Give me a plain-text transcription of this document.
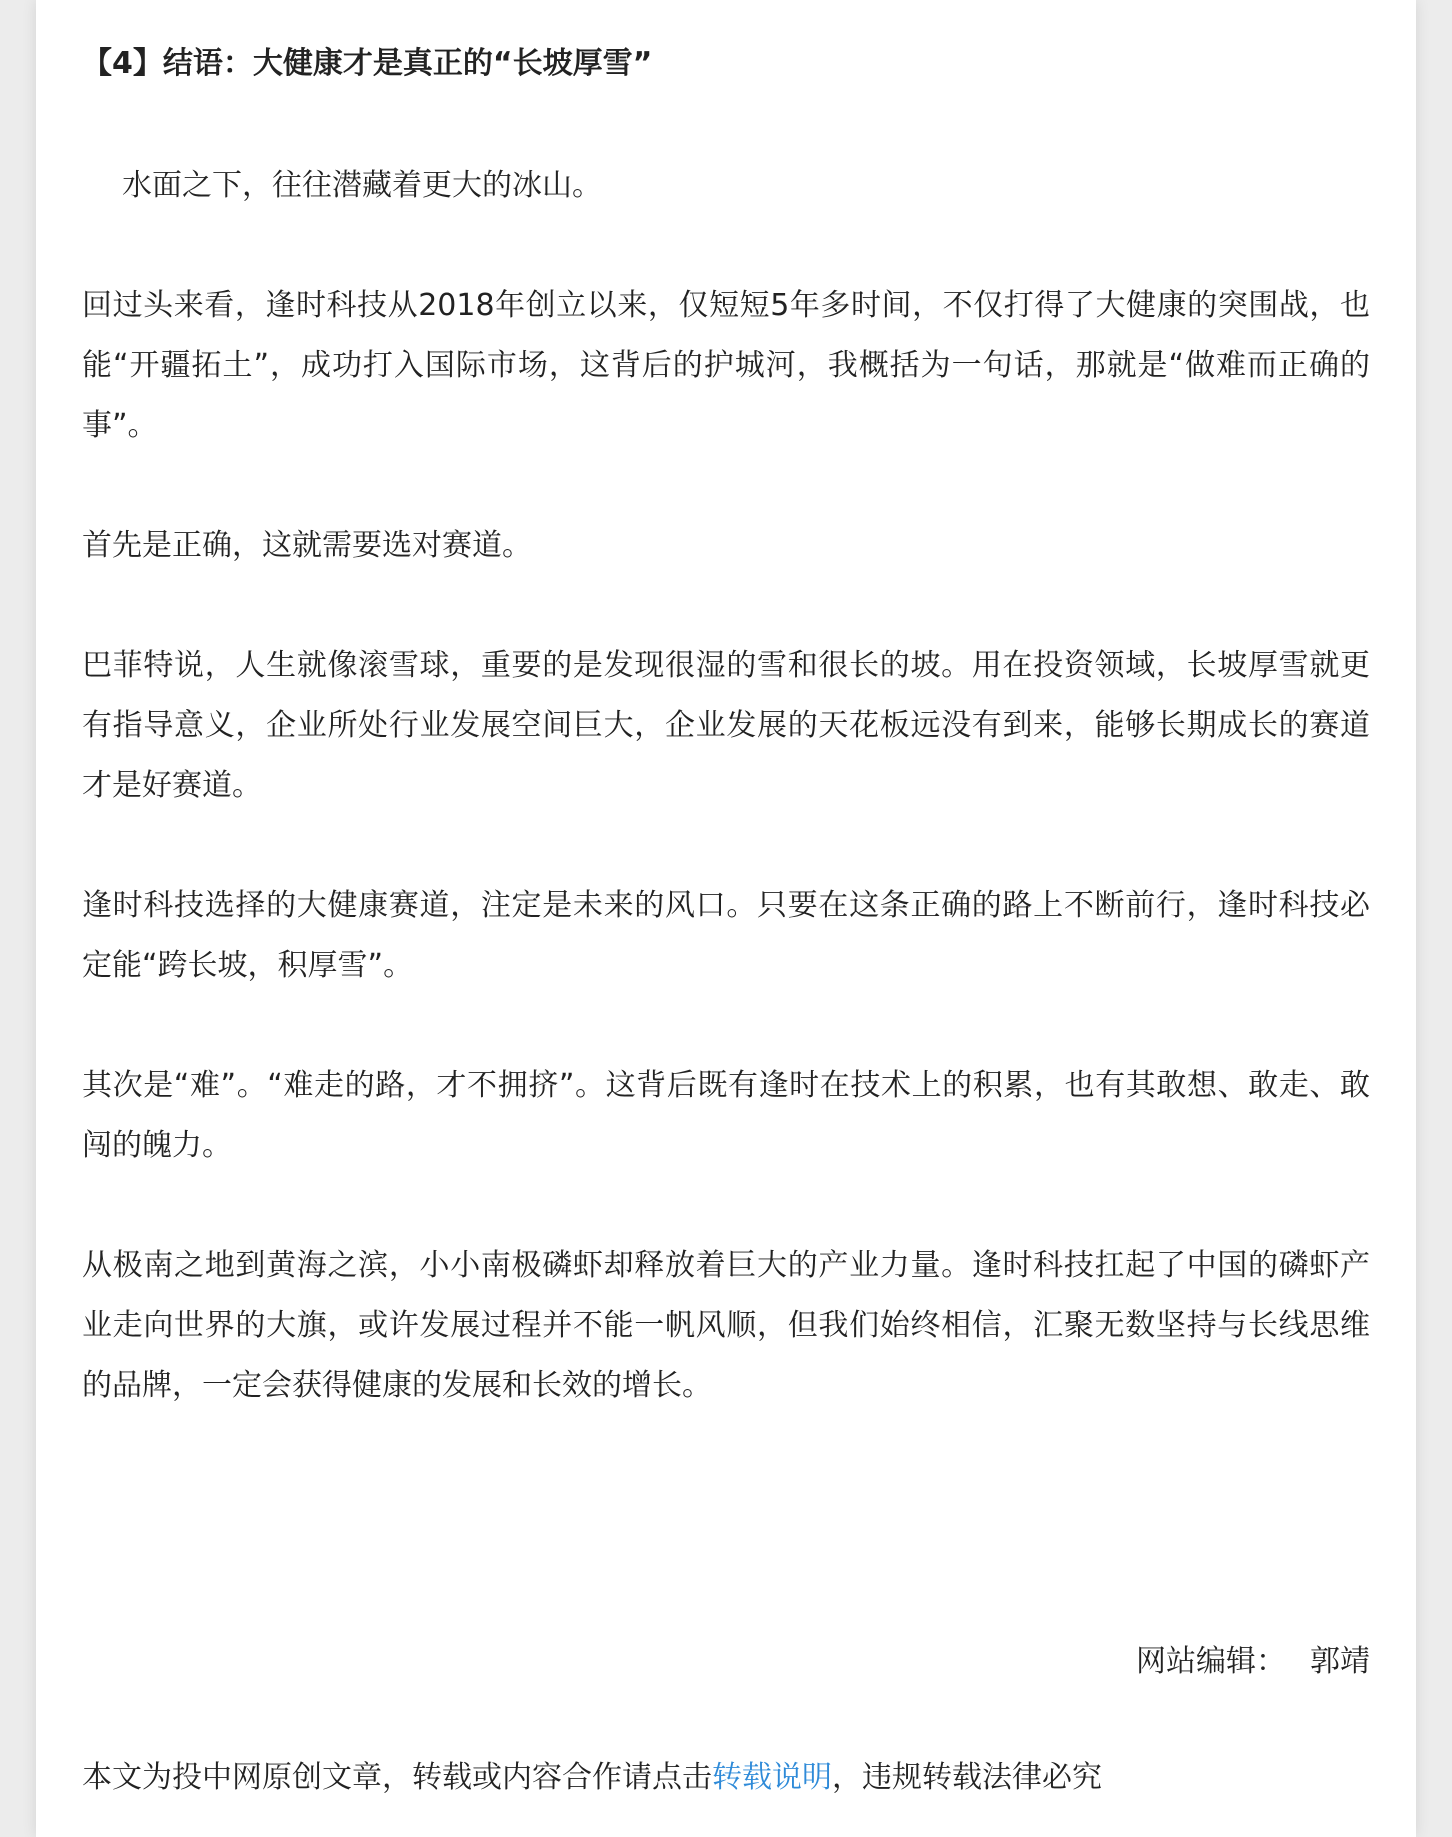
【4】结语：大健康才是真正的“长坡厚雪”

水面之下，往往潜藏着更大的冰山。

回过头来看，逢时科技从2018年创立以来，仅短短5年多时间，不仅打得了大健康的突围战，也能“开疆拓土”，成功打入国际市场，这背后的护城河，我概括为一句话，那就是“做难而正确的事”。

首先是正确，这就需要选对赛道。

巴菲特说，人生就像滚雪球，重要的是发现很湿的雪和很长的坡。用在投资领域，长坡厚雪就更有指导意义，企业所处行业发展空间巨大，企业发展的天花板远没有到来，能够长期成长的赛道才是好赛道。

逢时科技选择的大健康赛道，注定是未来的风口。只要在这条正确的路上不断前行，逢时科技必定能“跨长坡，积厚雪”。

其次是“难”。“难走的路，才不拥挤”。这背后既有逢时在技术上的积累，也有其敢想、敢走、敢闯的魄力。

从极南之地到黄海之滨，小小南极磷虾却释放着巨大的产业力量。逢时科技扛起了中国的磷虾产业走向世界的大旗，或许发展过程并不能一帆风顺，但我们始终相信，汇聚无数坚持与长线思维的品牌，一定会获得健康的发展和长效的增长。

网站编辑： 郭靖
本文为投中网原创文章，转载或内容合作请点击转载说明，违规转载法律必究
